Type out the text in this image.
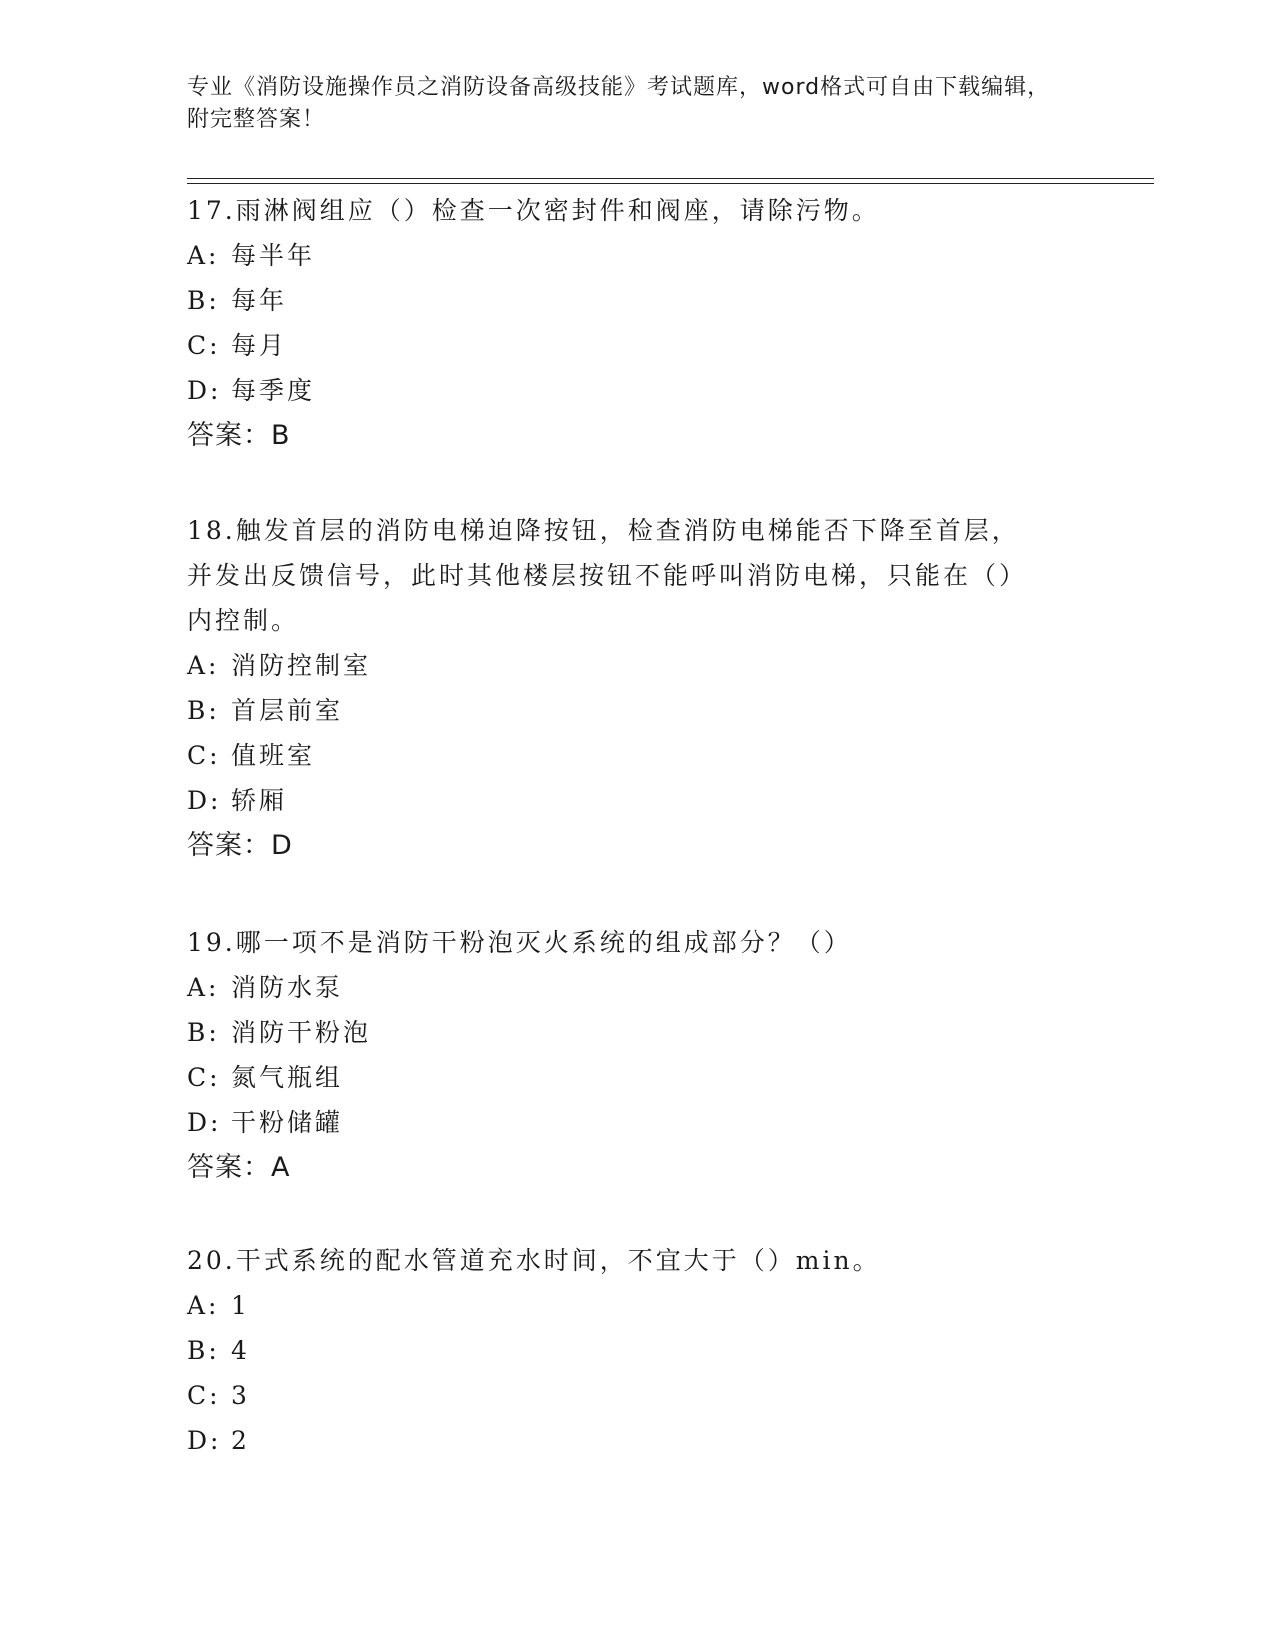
专业《消防设施操作员之消防设备高级技能》考试题库，word格式可自由下载编辑，附完整答案！
17.雨淋阀组应（）检查一次密封件和阀座，请除污物。
A: 每半年
B: 每年
C: 每月
D: 每季度
答案：B
18.触发首层的消防电梯迫降按钮，检查消防电梯能否下降至首层，并发出反馈信号，此时其他楼层按钮不能呼叫消防电梯，只能在（）内控制。
A: 消防控制室
B: 首层前室
C: 值班室
D: 轿厢
答案：D
19.哪一项不是消防干粉泡灭火系统的组成部分？（）
A: 消防水泵
B: 消防干粉泡
C: 氮气瓶组
D: 干粉储罐
答案：A
20.干式系统的配水管道充水时间，不宜大于（）min。
A: 1
B: 4
C: 3
D: 2
